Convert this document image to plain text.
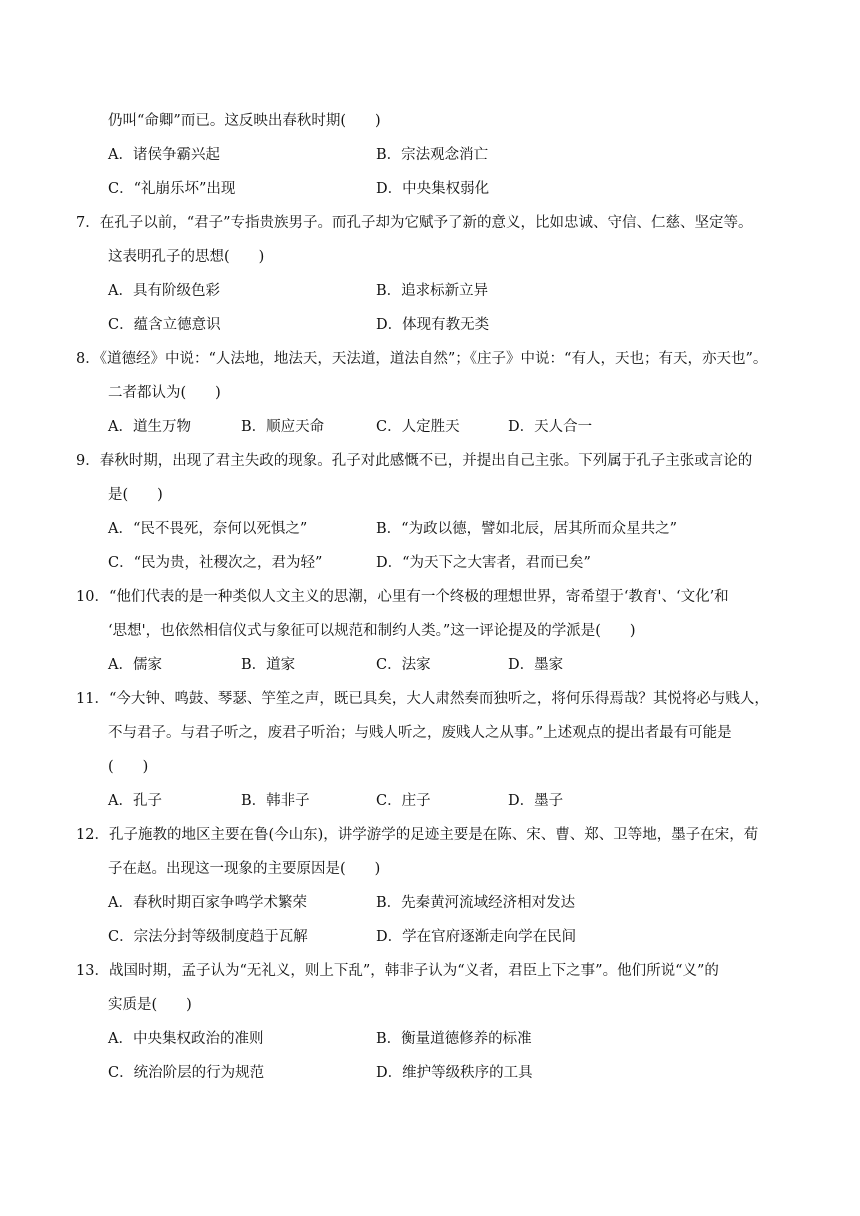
仍叫“命卿”而已。这反映出春秋时期(　　)
A．诸侯争霸兴起	B．宗法观念消亡
C．“礼崩乐坏”出现	D．中央集权弱化
7．在孔子以前，“君子”专指贵族男子。而孔子却为它赋予了新的意义，比如忠诚、守信、仁慈、坚定等。
这表明孔子的思想(　　)
A．具有阶级色彩	B．追求标新立异
C．蕴含立德意识	D．体现有教无类
8．《道德经》中说：“人法地，地法天，天法道，道法自然”；《庄子》中说：“有人，天也；有天，亦天也”。
二者都认为(　　)
A．道生万物	B．顺应天命	C．人定胜天	D．天人合一
9．春秋时期，出现了君主失政的现象。孔子对此感慨不已，并提出自己主张。下列属于孔子主张或言论的
是(　　)
A．“民不畏死，奈何以死惧之”	B．“为政以德，譬如北辰，居其所而众星共之”
C．“民为贵，社稷次之，君为轻”	D．“为天下之大害者，君而已矣”
10．“他们代表的是一种类似人文主义的思潮，心里有一个终极的理想世界，寄希望于‘教育'、‘文化’和
‘思想'，也依然相信仪式与象征可以规范和制约人类。”这一评论提及的学派是(　　)
A．儒家	B．道家	C．法家	D．墨家
11．“今大钟、鸣鼓、琴瑟、竽笙之声，既已具矣，大人肃然奏而独听之，将何乐得焉哉？其悦将必与贱人，
不与君子。与君子听之，废君子听治；与贱人听之，废贱人之从事。”上述观点的提出者最有可能是
(　　)
A．孔子	B．韩非子	C．庄子	D．墨子
12．孔子施教的地区主要在鲁(今山东)，讲学游学的足迹主要是在陈、宋、曹、郑、卫等地，墨子在宋，荀
子在赵。出现这一现象的主要原因是(　　)
A．春秋时期百家争鸣学术繁荣	B．先秦黄河流域经济相对发达
C．宗法分封等级制度趋于瓦解	D．学在官府逐渐走向学在民间
13．战国时期，孟子认为“无礼义，则上下乱”，韩非子认为“义者，君臣上下之事”。他们所说“义”的
实质是(　　)
A．中央集权政治的准则	B．衡量道德修养的标准
C．统治阶层的行为规范	D．维护等级秩序的工具
